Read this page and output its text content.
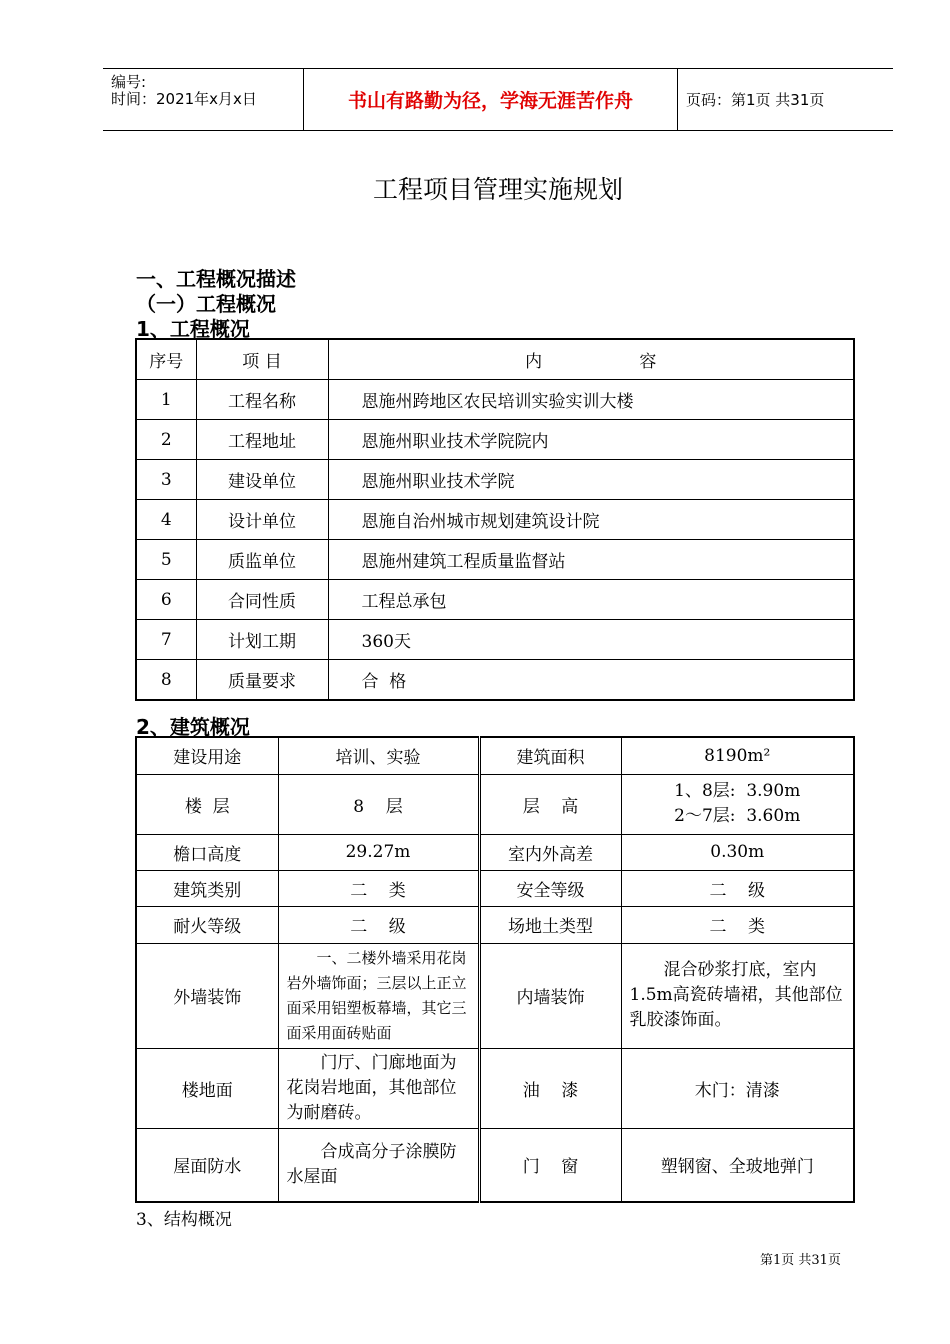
编号:
时间：2021年x月x日	书山有路勤为径，学海无涯苦作舟	页码：第1页 共31页
工程项目管理实施规划
一、工程概况描述
（一）工程概况
1、工程概况
序号	项 目	内                  容
1	工程名称	恩施州跨地区农民培训实验实训大楼
2	工程地址	恩施州职业技术学院院内
3	建设单位	恩施州职业技术学院
4	设计单位	恩施自治州城市规划建筑设计院
5	质监单位	恩施州建筑工程质量监督站
6	合同性质	工程总承包
7	计划工期	360天
8	质量要求	合  格
2、建筑概况
建设用途	培训、实验	建筑面积	8190m²
楼  层	8    层	层    高	1、8层:  3.90m
2～7层:  3.60m

檐口高度	29.27m	室内外高差	0.30m
建筑类别	二    类	安全等级	二    级
耐火等级	二    级	场地土类型	二    类
外墙装饰	一、二楼外墙采用花岗岩外墙饰面；三层以上正立面采用铝塑板幕墙，其它三面采用面砖贴面	内墙装饰	混合砂浆打底，室内1.5m高瓷砖墙裙，其他部位乳胶漆饰面。
楼地面	门厅、门廊地面为花岗岩地面，其他部位为耐磨砖。	油    漆	木门：清漆
屋面防水	合成高分子涂膜防水屋面	门    窗	塑钢窗、全玻地弹门
3、结构概况
第1页 共31页
